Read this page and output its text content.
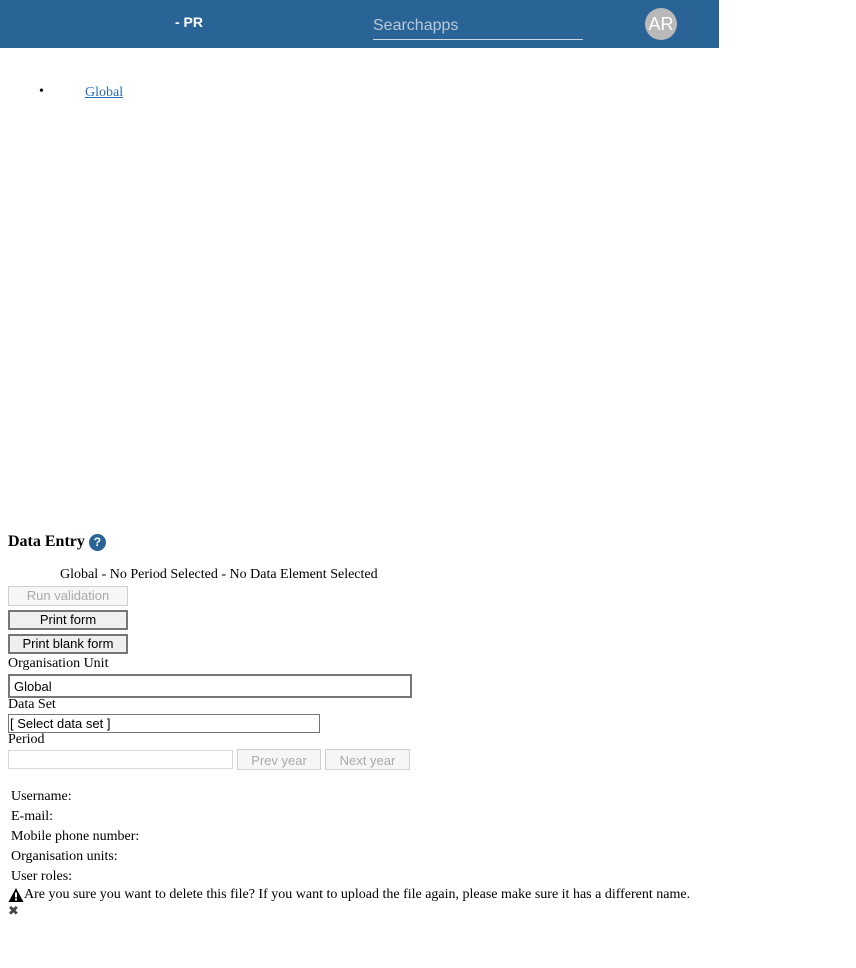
- PR
Searchapps	AR
•	Global
Data Entry ?
Global - No Period Selected - No Data Element Selected
Run validation
Print form
Print blank form
Organisation Unit
Global
Data Set
[ Select data set ]
Period
Prev year	Next year
Username:
E-mail:
Mobile phone number:
Organisation units:
User roles:
Are you sure you want to delete this file? If you want to upload the file again, please make sure it has a different name.
✖
